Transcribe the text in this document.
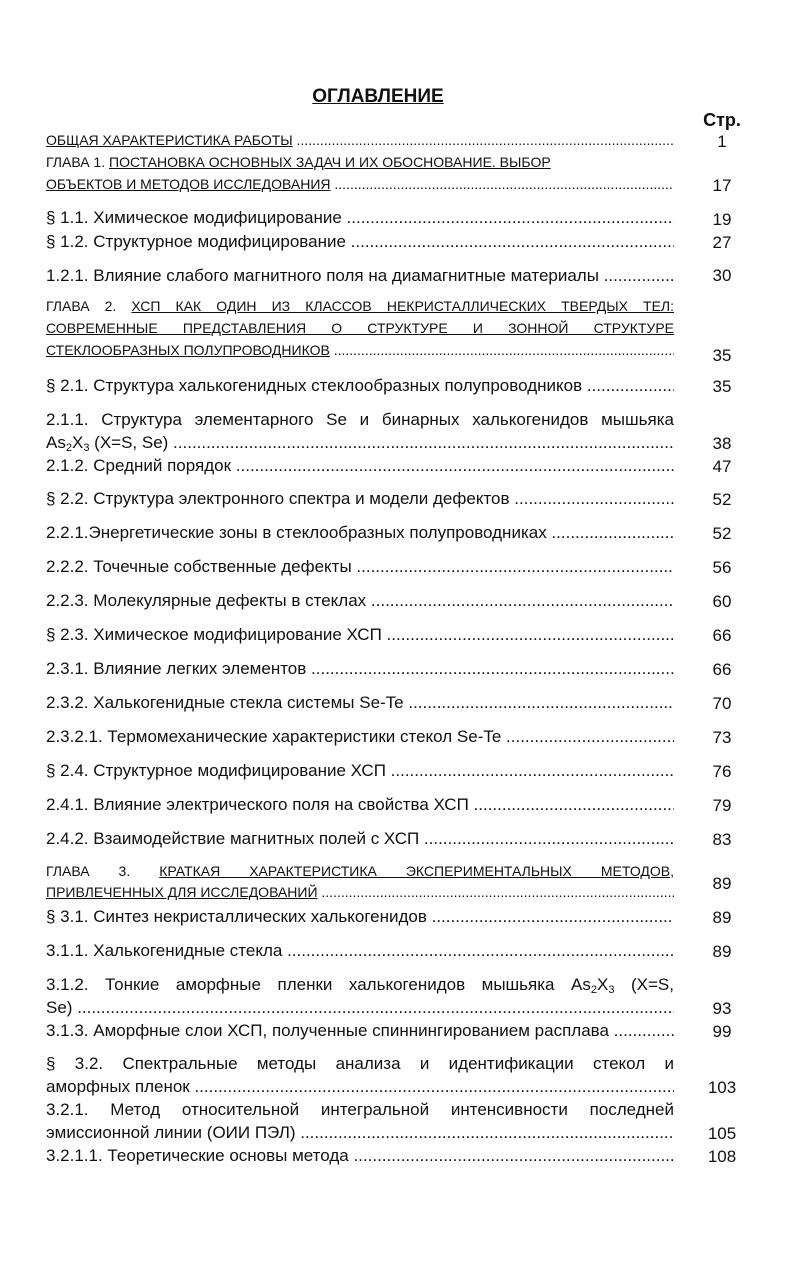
ОГЛАВЛЕНИЕ
Стр.
ОБЩАЯ ХАРАКТЕРИСТИКА РАБОТЫ .....	1
ГЛАВА 1. ПОСТАНОВКА ОСНОВНЫХ ЗАДАЧ И ИХ ОБОСНОВАНИЕ. ВЫБОР
ОБЪЕКТОВ И МЕТОДОВ ИССЛЕДОВАНИЯ .....	17
§ 1.1. Химическое модифицирование .....	19
§ 1.2. Структурное модифицирование .....	27
1.2.1. Влияние слабого магнитного поля на диамагнитные материалы .....	30
ГЛАВА 2. ХСП КАК ОДИН ИЗ КЛАССОВ НЕКРИСТАЛЛИЧЕСКИХ ТВЕРДЫХ ТЕЛ:
СОВРЕМЕННЫЕ ПРЕДСТАВЛЕНИЯ О СТРУКТУРЕ И ЗОННОЙ СТРУКТУРЕ
СТЕКЛООБРАЗНЫХ ПОЛУПРОВОДНИКОВ .....	35
§ 2.1. Структура халькогенидных стеклообразных полупроводников .....	35
2.1.1. Структура элементарного Se и бинарных халькогенидов мышьяка
$As_2X_3$ (X=S, Se) .....	38
2.1.2. Средний порядок .....	47
§ 2.2. Структура электронного спектра и модели дефектов .....	52
2.2.1.Энергетические зоны в стеклообразных полупроводниках .....	52
2.2.2. Точечные собственные дефекты .....	56
2.2.3. Молекулярные дефекты в стеклах .....	60
§ 2.3. Химическое модифицирование ХСП .....	66
2.3.1. Влияние легких элементов .....	66
2.3.2. Халькогенидные стекла системы Se-Te .....	70
2.3.2.1. Термомеханические характеристики стекол Se-Te .....	73
§ 2.4. Структурное модифицирование ХСП .....	76
2.4.1. Влияние электрического поля на свойства ХСП .....	79
2.4.2. Взаимодействие магнитных полей с ХСП .....	83
ГЛАВА 3. КРАТКАЯ ХАРАКТЕРИСТИКА ЭКСПЕРИМЕНТАЛЬНЫХ МЕТОДОВ,
ПРИВЛЕЧЕННЫХ ДЛЯ ИССЛЕДОВАНИЙ .....	89
§ 3.1. Синтез некристаллических халькогенидов .....	89
3.1.1. Халькогенидные стекла .....	89
3.1.2. Тонкие аморфные пленки халькогенидов мышьяка $As_2X_3$ (X=S,
Se) .....	93
3.1.3. Аморфные слои ХСП, полученные спиннингированием расплава .....	99
§ 3.2. Спектральные методы анализа и идентификации стекол и
аморфных пленок .....	103
3.2.1. Метод относительной интегральной интенсивности последней
эмиссионной линии (ОИИ ПЭЛ) .....	105
3.2.1.1. Теоретические основы метода .....	108
